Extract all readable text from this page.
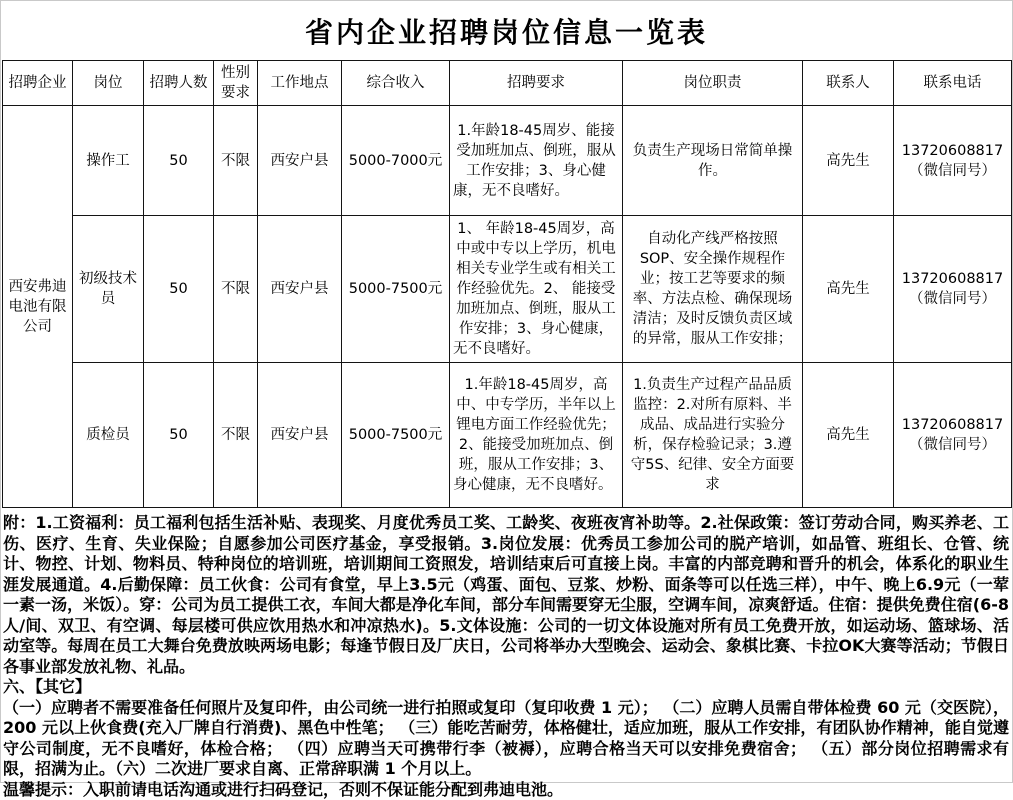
省内企业招聘岗位信息一览表
招聘企业	岗位	招聘人数	性别要求	工作地点	综合收入	招聘要求	岗位职责	联系人	联系电话
西安弗迪电池有限公司	操作工	50	不限	西安户县	5000-7000元	1.年龄18-45周岁、能接受加班加点、倒班，服从工作安排；3、身心健康，无不良嗜好。	负责生产现场日常简单操作。	高先生	13720608817
（微信同号）

	初级技术员	50	不限	西安户县	5000-7500元	1、 年龄18-45周岁，高中或中专以上学历，机电相关专业学生或有相关工作经验优先。2、 能接受加班加点、倒班，服从工作安排；3、身心健康，无不良嗜好。	自动化产线严格按照SOP、安全操作规程作业；按工艺等要求的频率、方法点检、确保现场清洁；及时反馈负责区域的异常，服从工作安排；	高先生	13720608817
（微信同号）

	质检员	50	不限	西安户县	5000-7500元	1.年龄18-45周岁，高中、中专学历，半年以上锂电方面工作经验优先；2、能接受加班加点、倒班，服从工作安排；3、身心健康，无不良嗜好。	1.负责生产过程产品品质监控：2.对所有原料、半成品、成品进行实验分析，保存检验记录；3.遵守5S、纪律、安全方面要求	高先生	13720608817
（微信同号）

附：1.工资福利：员工福利包括生活补贴、表现奖、月度优秀员工奖、工龄奖、夜班夜宵补助等。2.社保政策：签订劳动合同，购买养老、工伤、医疗、生育、失业保险；自愿参加公司医疗基金，享受报销。3.岗位发展：优秀员工参加公司的脱产培训，如品管、班组长、仓管、统计、物控、计划、物料员、特种岗位的培训班，培训期间工资照发，培训结束后可直接上岗。丰富的内部竞聘和晋升的机会，体系化的职业生涯发展通道。4.后勤保障：员工伙食：公司有食堂，早上3.5元（鸡蛋、面包、豆浆、炒粉、面条等可以任选三样），中午、晚上6.9元（一荤一素一汤，米饭）。穿：公司为员工提供工衣，车间大都是净化车间，部分车间需要穿无尘服，空调车间，凉爽舒适。住宿：提供免费住宿(6-8人/间、双卫、有空调、每层楼可供应饮用热水和冲凉热水)。5.文体设施：公司的一切文体设施对所有员工免费开放，如运动场、篮球场、活动室等。每周在员工大舞台免费放映两场电影；每逢节假日及厂庆日，公司将举办大型晚会、运动会、象棋比赛、卡拉OK大赛等活动；节假日各事业部发放礼物、礼品。

六、【其它】

（一）应聘者不需要准备任何照片及复印件，由公司统一进行拍照或复印（复印收费 1 元）； （二）应聘人员需自带体检费 60 元（交医院），200 元以上伙食费(充入厂牌自行消费)、黑色中性笔； （三）能吃苦耐劳，体格健壮，适应加班，服从工作安排，有团队协作精神，能自觉遵守公司制度，无不良嗜好，体检合格； （四）应聘当天可携带行李（被褥），应聘合格当天可以安排免费宿舍； （五）部分岗位招聘需求有限，招满为止。（六）二次进厂要求自离、正常辞职满 1 个月以上。

温馨提示：入职前请电话沟通或进行扫码登记，否则不保证能分配到弗迪电池。
